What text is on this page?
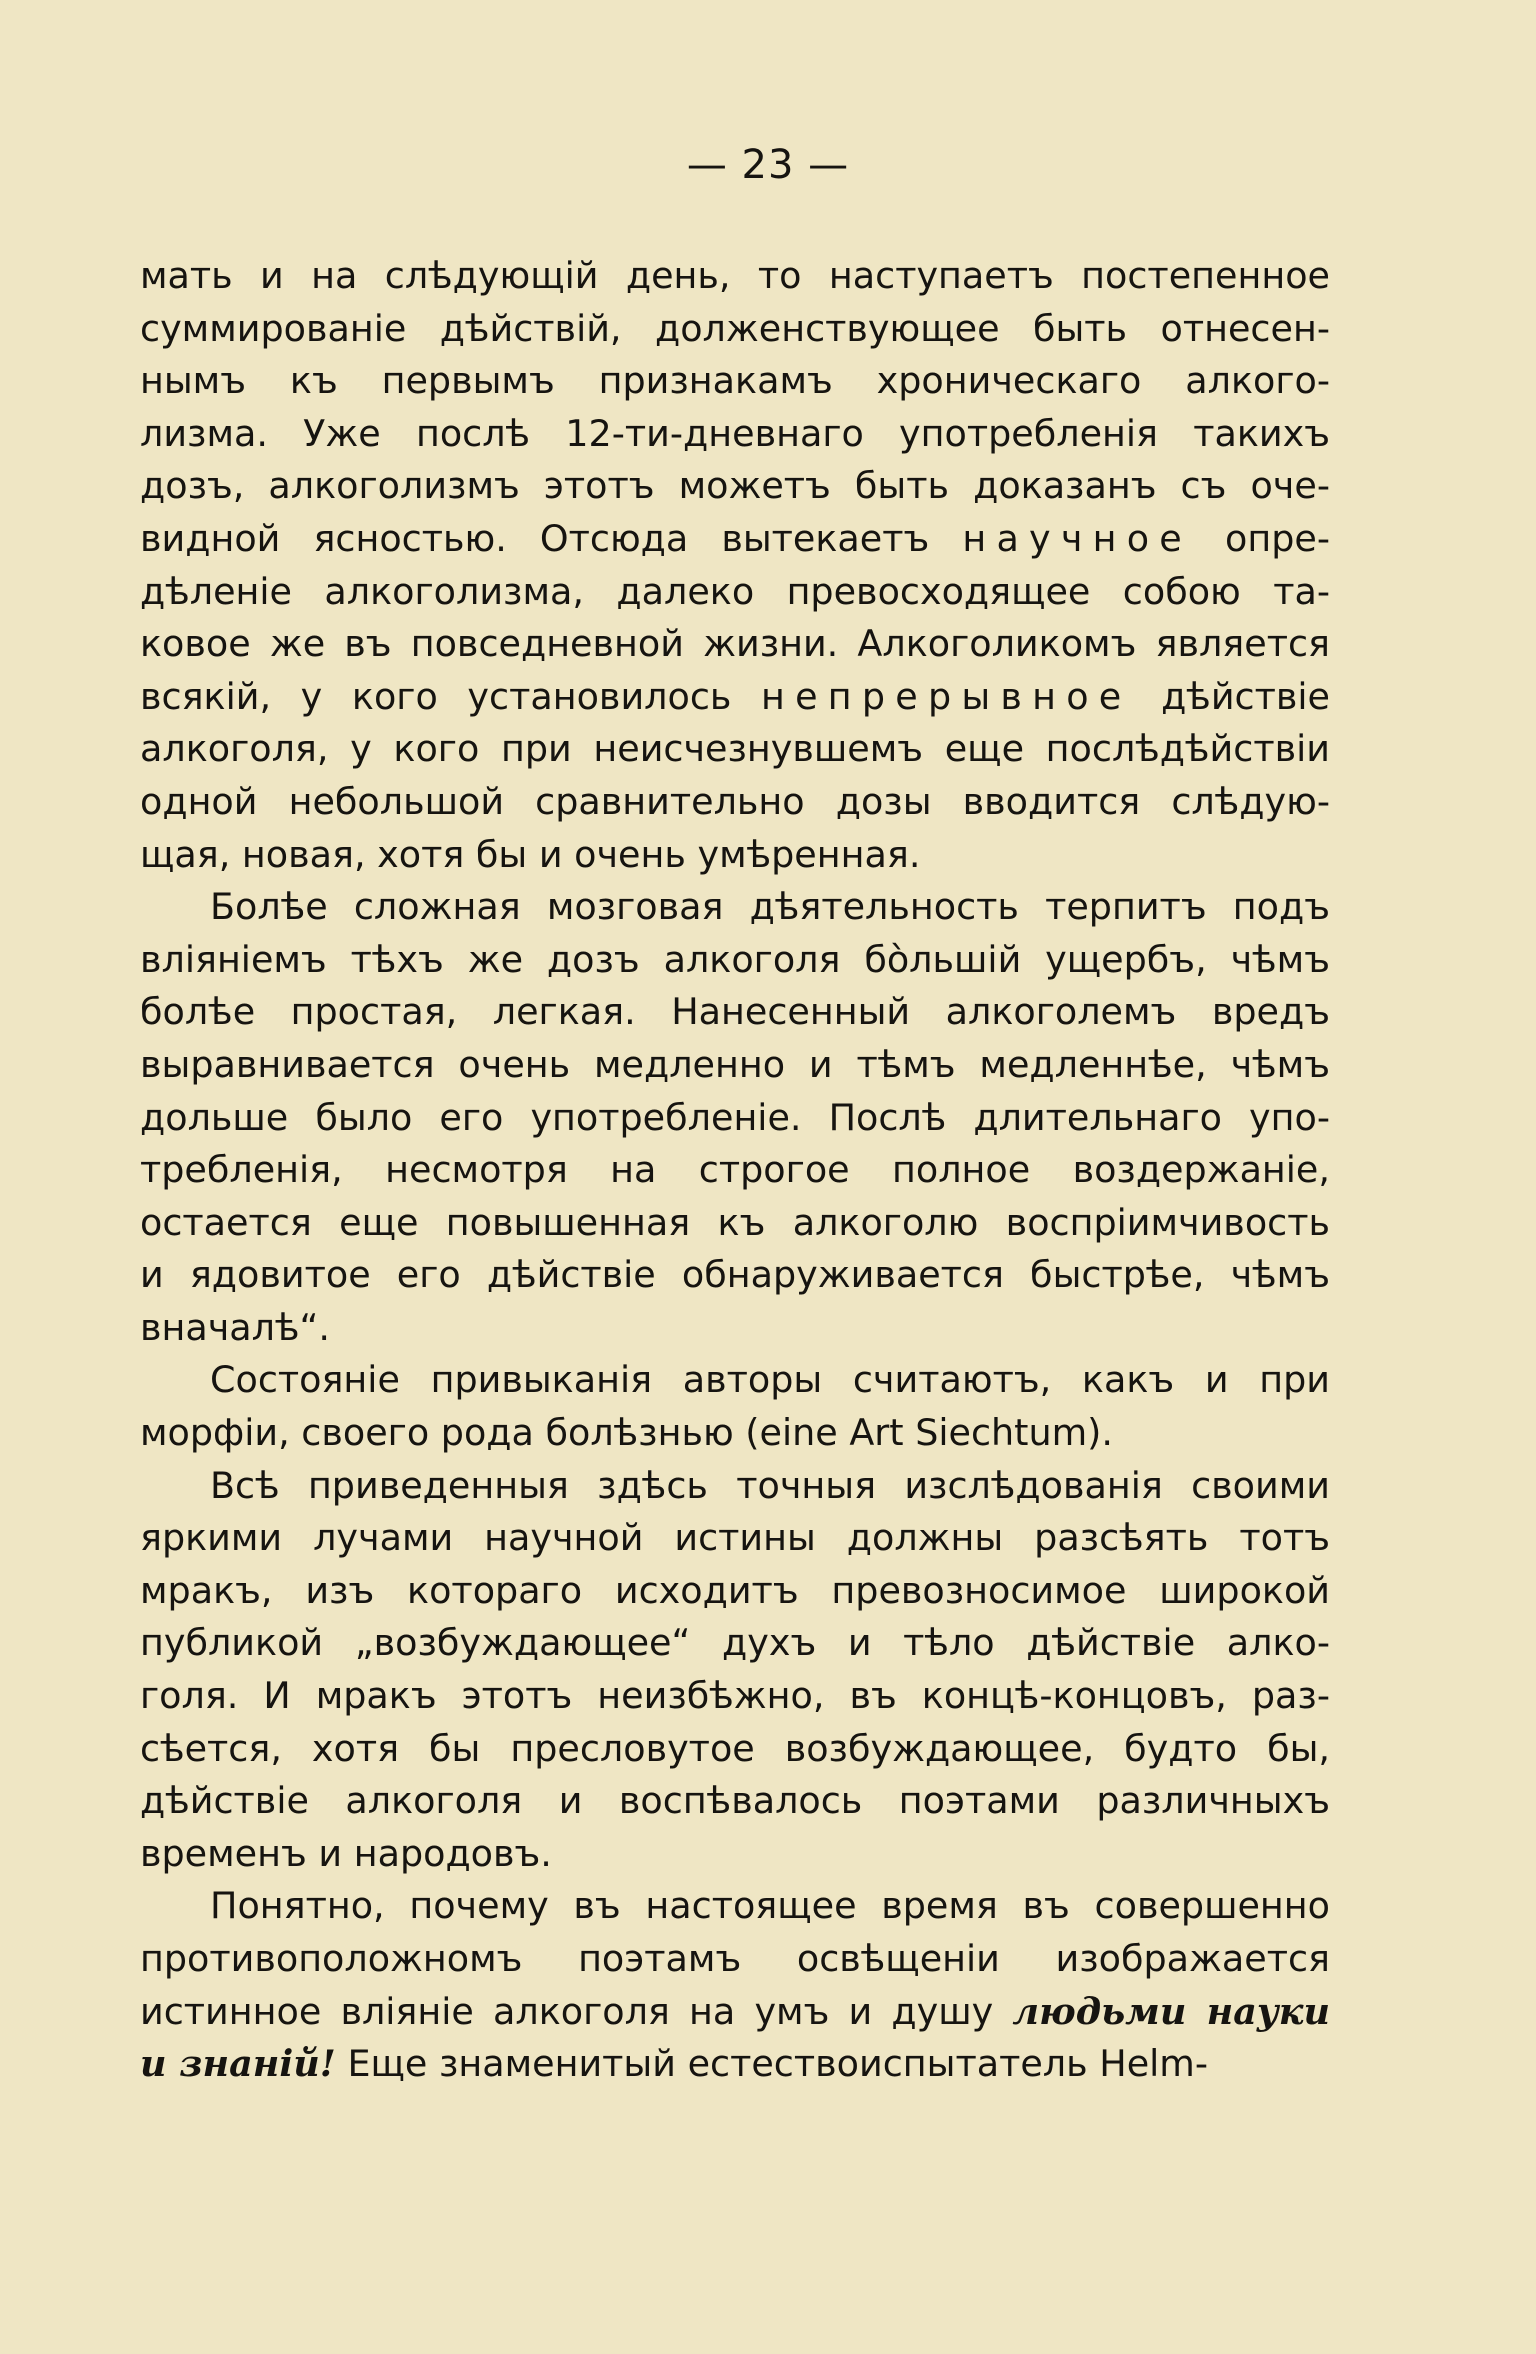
— 23 —
мать и на слѣдующій день, то наступаетъ постепенное
суммированіе дѣйствій, долженствующее быть отнесен-
нымъ къ первымъ признакамъ хроническаго алкого-
лизма. Уже послѣ 12-ти-дневнаго употребленія такихъ
дозъ, алкоголизмъ этотъ можетъ быть доказанъ съ оче-
видной ясностью. Отсюда вытекаетъ научное опре-
дѣленіе алкоголизма, далеко превосходящее собою та-
ковое же въ повседневной жизни. Алкоголикомъ является
всякій, у кого установилось непрерывное дѣйствіе
алкоголя, у кого при неисчезнувшемъ еще послѣдѣйствіи
одной небольшой сравнительно дозы вводится слѣдую-
щая, новая, хотя бы и очень умѣренная.
Болѣе сложная мозговая дѣятельность терпитъ подъ
вліяніемъ тѣхъ же дозъ алкоголя бо̀льшій ущербъ, чѣмъ
болѣе простая, легкая. Нанесенный алкоголемъ вредъ
выравнивается очень медленно и тѣмъ медленнѣе, чѣмъ
дольше было его употребленіе. Послѣ длительнаго упо-
требленія, несмотря на строгое полное воздержаніе,
остается еще повышенная къ алкоголю воспріимчивость
и ядовитое его дѣйствіе обнаруживается быстрѣе, чѣмъ
вначалѣ“.
Состояніе привыканія авторы считаютъ, какъ и при
морфіи, своего рода болѣзнью (eine Art Siechtum).
Всѣ приведенныя здѣсь точныя изслѣдованія своими
яркими лучами научной истины должны разсѣять тотъ
мракъ, изъ котораго исходитъ превозносимое широкой
публикой „возбуждающее“ духъ и тѣло дѣйствіе алко-
голя. И мракъ этотъ неизбѣжно, въ концѣ-концовъ, раз-
сѣется, хотя бы пресловутое возбуждающее, будто бы,
дѣйствіе алкоголя и воспѣвалось поэтами различныхъ
временъ и народовъ.
Понятно, почему въ настоящее время въ совершенно
противоположномъ поэтамъ освѣщеніи изображается
истинное вліяніе алкоголя на умъ и душу людьми науки
и знаній! Еще знаменитый естествоиспытатель Helm-
